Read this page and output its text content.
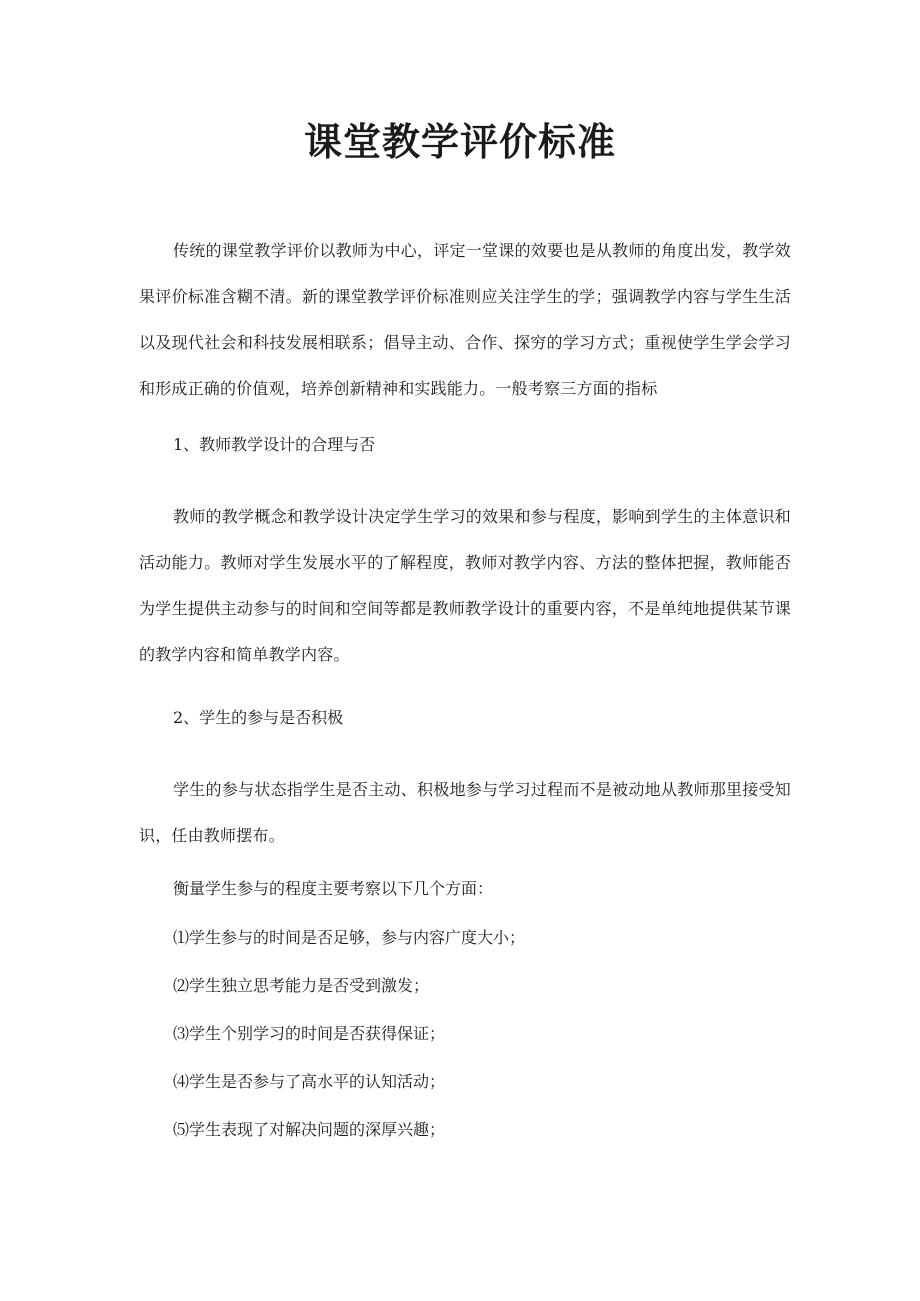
课堂教学评价标准

传统的课堂教学评价以教师为中心，评定一堂课的效要也是从教师的角度出发，教学效果评价标准含糊不清。新的课堂教学评价标准则应关注学生的学；强调教学内容与学生生活以及现代社会和科技发展相联系；倡导主动、合作、探穷的学习方式；重视使学生学会学习和形成正确的价值观，培养创新精神和实践能力。一般考察三方面的指标

1、教师教学设计的合理与否

教师的教学概念和教学设计决定学生学习的效果和参与程度，影响到学生的主体意识和活动能力。教师对学生发展水平的了解程度，教师对教学内容、方法的整体把握，教师能否为学生提供主动参与的时间和空间等都是教师教学设计的重要内容，不是单纯地提供某节课的教学内容和简单教学内容。

2、学生的参与是否积极

学生的参与状态指学生是否主动、积极地参与学习过程而不是被动地从教师那里接受知识，任由教师摆布。

衡量学生参与的程度主要考察以下几个方面：

⑴学生参与的时间是否足够，参与内容广度大小；

⑵学生独立思考能力是否受到激发；

⑶学生个别学习的时间是否获得保证；

⑷学生是否参与了高水平的认知活动；

⑸学生表现了对解决问题的深厚兴趣；
